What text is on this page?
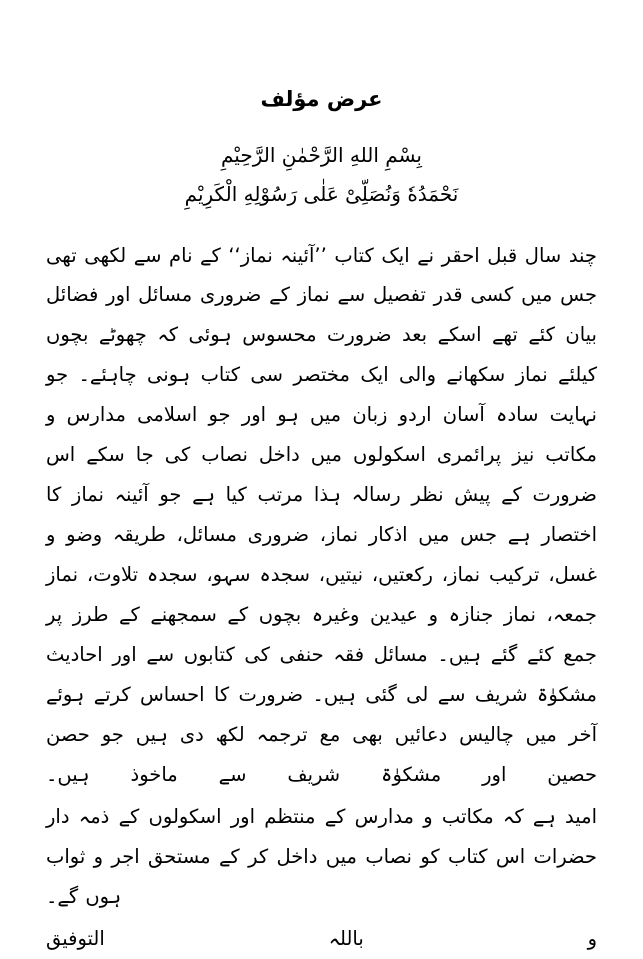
عرض مؤلف
بِسْمِ اللهِ الرَّحْمٰنِ الرَّحِيْمِ
نَحْمَدُهٗ وَنُصَلِّیْ عَلٰی رَسُوْلِهِ الْکَرِیْمِ

چند سال قبل احقر نے ایک کتاب ’’آئینہ نماز‘‘ کے نام سے لکھی تھی جس میں کسی قدر تفصیل سے نماز کے ضروری مسائل اور فضائل بیان کئے تھے اسکے بعد ضرورت محسوس ہوئی کہ چھوٹے بچوں کیلئے نماز سکھانے والی ایک مختصر سی کتاب ہونی چاہئے۔ جو نہایت سادہ آسان اردو زبان میں ہو اور جو اسلامی مدارس و مکاتب نیز پرائمری اسکولوں میں داخل نصاب کی جا سکے اس ضرورت کے پیش نظر رسالہ ہذا مرتب کیا ہے جو آئینہ نماز کا اختصار ہے جس میں اذکار نماز، ضروری مسائل، طریقہ وضو و غسل، ترکیب نماز، رکعتیں، نیتیں، سجدہ سہو، سجدہ تلاوت، نماز جمعہ، نماز جنازہ و عیدین وغیرہ بچوں کے سمجھنے کے طرز پر جمع کئے گئے ہیں۔ مسائل فقہ حنفی کی کتابوں سے اور احادیث مشکوٰۃ شریف سے لی گئی ہیں۔ ضرورت کا احساس کرتے ہوئے آخر میں چالیس دعائیں بھی مع ترجمہ لکھ دی ہیں جو حصن حصین اور مشکوٰۃ شریف سے ماخوذ ہیں۔

امید ہے کہ مکاتب و مدارس کے منتظم اور اسکولوں کے ذمہ دار حضرات اس کتاب کو نصاب میں داخل کر کے مستحق اجر و ثواب ہوں گے۔

و باللہ التوفیق
